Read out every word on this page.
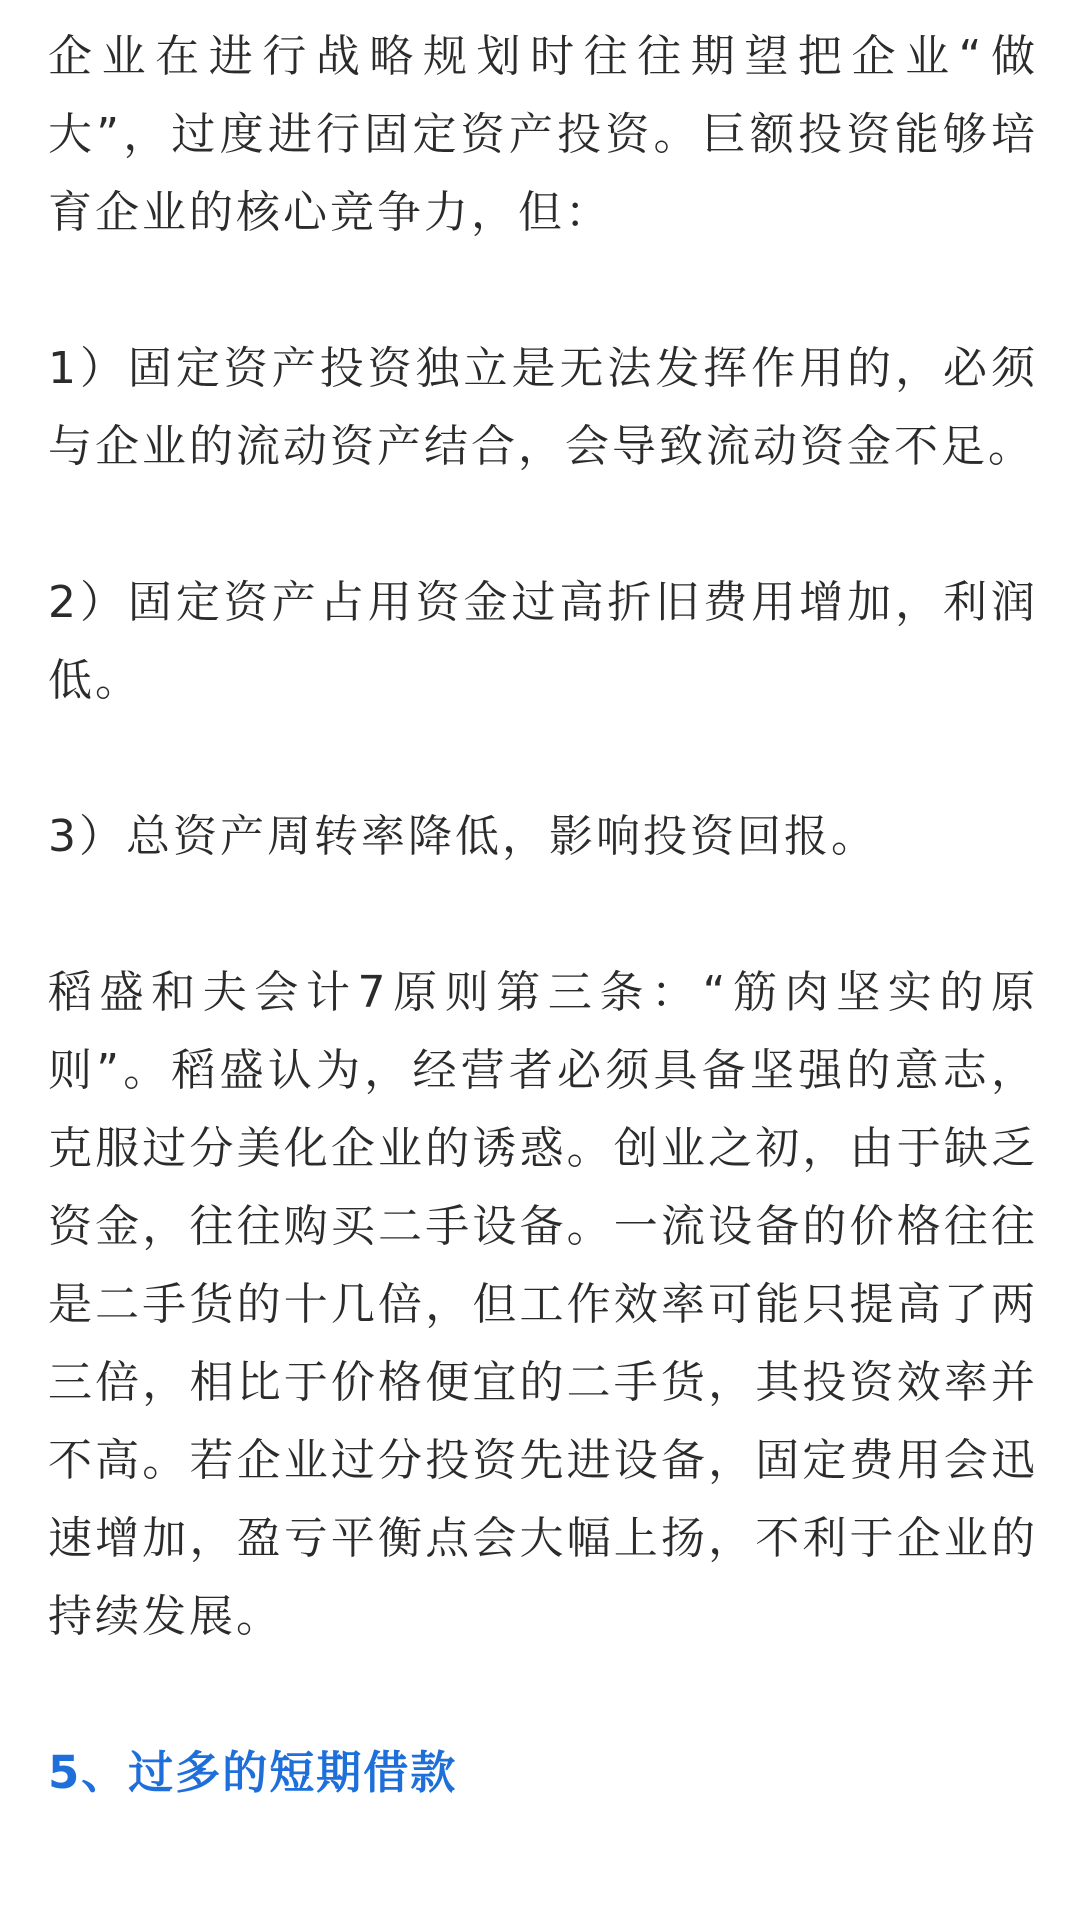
企业在进行战略规划时往往期望把企业“做大”，过度进行固定资产投资。巨额投资能够培育企业的核心竞争力，但：

1）固定资产投资独立是无法发挥作用的，必须与企业的流动资产结合，会导致流动资金不足。

2）固定资产占用资金过高折旧费用增加，利润低。

3）总资产周转率降低，影响投资回报。

稻盛和夫会计7原则第三条：“筋肉坚实的原则”。稻盛认为，经营者必须具备坚强的意志，克服过分美化企业的诱惑。创业之初，由于缺乏资金，往往购买二手设备。一流设备的价格往往是二手货的十几倍，但工作效率可能只提高了两三倍，相比于价格便宜的二手货，其投资效率并不高。若企业过分投资先进设备，固定费用会迅速增加，盈亏平衡点会大幅上扬，不利于企业的持续发展。

5、过多的短期借款
